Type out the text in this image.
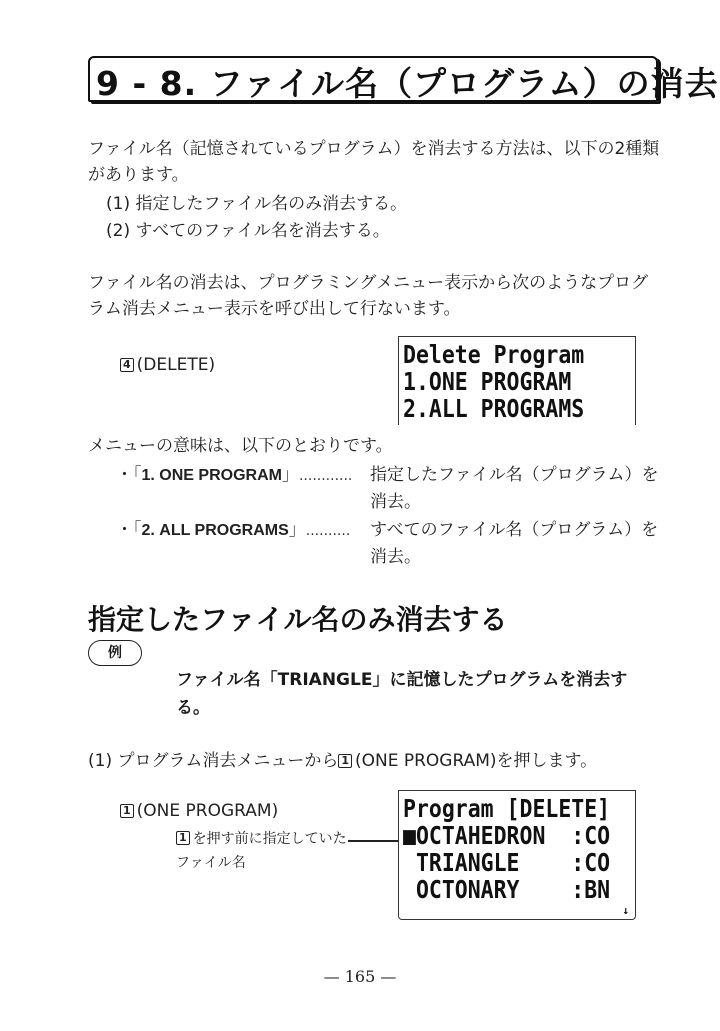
9 - 8. ファイル名（プログラム）の消去
ファイル名（記憶されているプログラム）を消去する方法は、以下の2種類
があります。
(1) 指定したファイル名のみ消去する。
(2) すべてのファイル名を消去する。
ファイル名の消去は、プログラミングメニュー表示から次のようなプログ
ラム消去メニュー表示を呼び出して行ないます。
4 (DELETE)	Delete Program
1.ONE PROGRAM
2.ALL PROGRAMS
メニューの意味は、以下のとおりです。
・「1. ONE PROGRAM」............ 指定したファイル名（プログラム）を
消去。
・「2. ALL PROGRAMS」.......... すべてのファイル名（プログラム）を
消去。
指定したファイル名のみ消去する
例
ファイル名「TRIANGLE」に記憶したプログラムを消去す
る。
(1) プログラム消去メニューから 1 (ONE PROGRAM)を押します。
1 (ONE PROGRAM)
1 を押す前に指定していた
ファイル名
Program [DELETE]
■OCTAHEDRON  :CO
TRIANGLE    :CO
OCTONARY    :BN
↓
— 165 —
